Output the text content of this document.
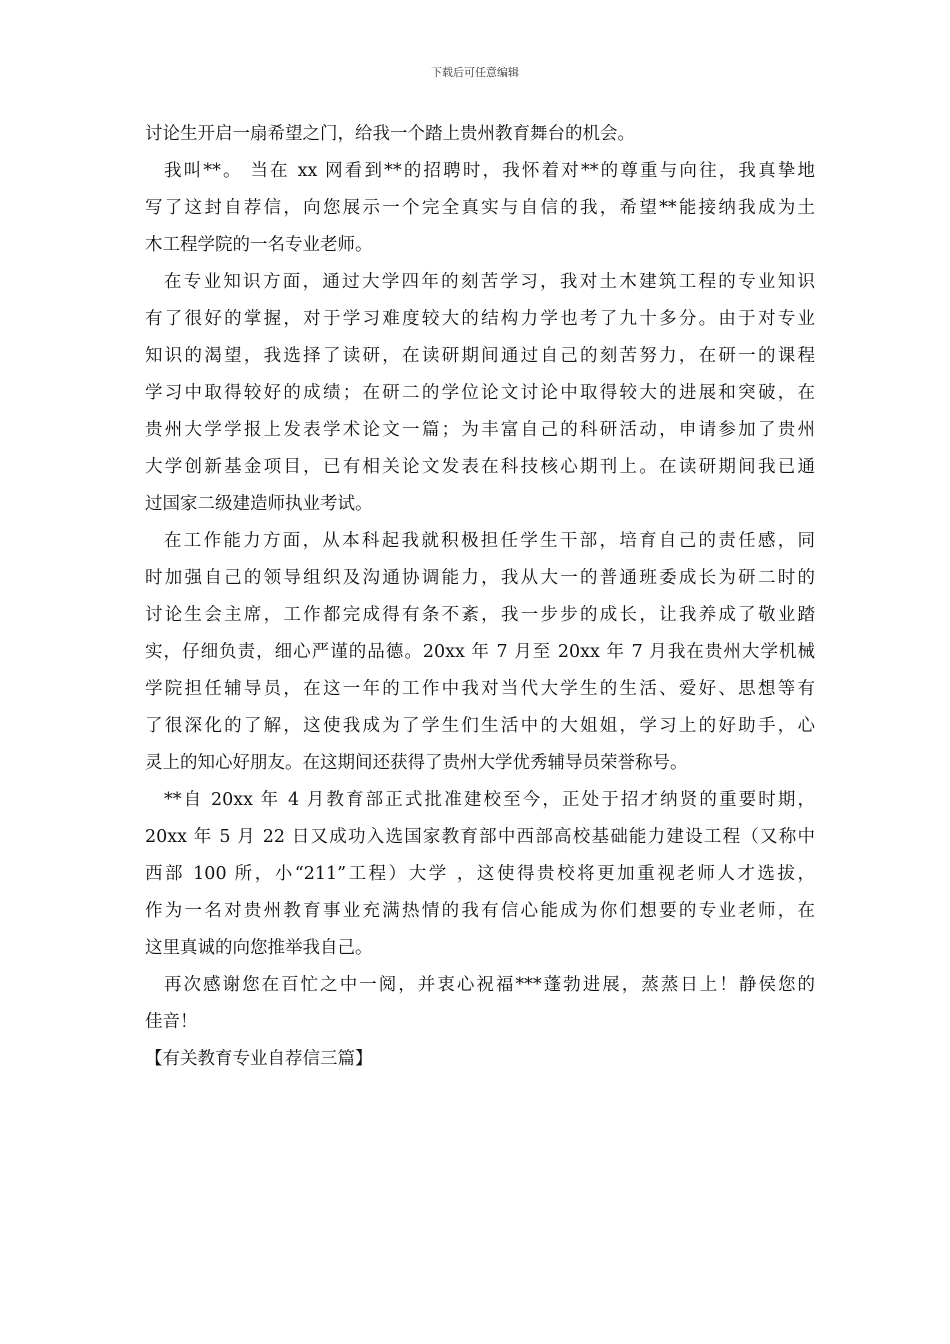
下载后可任意编辑
讨论生开启一扇希望之门，给我一个踏上贵州教育舞台的机会。
我叫**。 当在 xx 网看到**的招聘时，我怀着对**的尊重与向往，我真挚地
写了这封自荐信，向您展示一个完全真实与自信的我，希望**能接纳我成为土
木工程学院的一名专业老师。
在专业知识方面，通过大学四年的刻苦学习，我对土木建筑工程的专业知识
有了很好的掌握，对于学习难度较大的结构力学也考了九十多分。由于对专业
知识的渴望，我选择了读研，在读研期间通过自己的刻苦努力，在研一的课程
学习中取得较好的成绩；在研二的学位论文讨论中取得较大的进展和突破，在
贵州大学学报上发表学术论文一篇；为丰富自己的科研活动，申请参加了贵州
大学创新基金项目，已有相关论文发表在科技核心期刊上。在读研期间我已通
过国家二级建造师执业考试。
在工作能力方面，从本科起我就积极担任学生干部，培育自己的责任感，同
时加强自己的领导组织及沟通协调能力，我从大一的普通班委成长为研二时的
讨论生会主席，工作都完成得有条不紊，我一步步的成长，让我养成了敬业踏
实，仔细负责，细心严谨的品德。20xx 年 7 月至 20xx 年 7 月我在贵州大学机械
学院担任辅导员，在这一年的工作中我对当代大学生的生活、爱好、思想等有
了很深化的了解，这使我成为了学生们生活中的大姐姐，学习上的好助手，心
灵上的知心好朋友。在这期间还获得了贵州大学优秀辅导员荣誉称号。
**自 20xx 年 4 月教育部正式批准建校至今，正处于招才纳贤的重要时期，
20xx 年 5 月 22 日又成功入选国家教育部中西部高校基础能力建设工程（又称中
西部 100 所，小“211”工程）大学 ，这使得贵校将更加重视老师人才选拔，
作为一名对贵州教育事业充满热情的我有信心能成为你们想要的专业老师，在
这里真诚的向您推举我自己。
再次感谢您在百忙之中一阅，并衷心祝福***蓬勃进展，蒸蒸日上！静侯您的
佳音！
【有关教育专业自荐信三篇】
